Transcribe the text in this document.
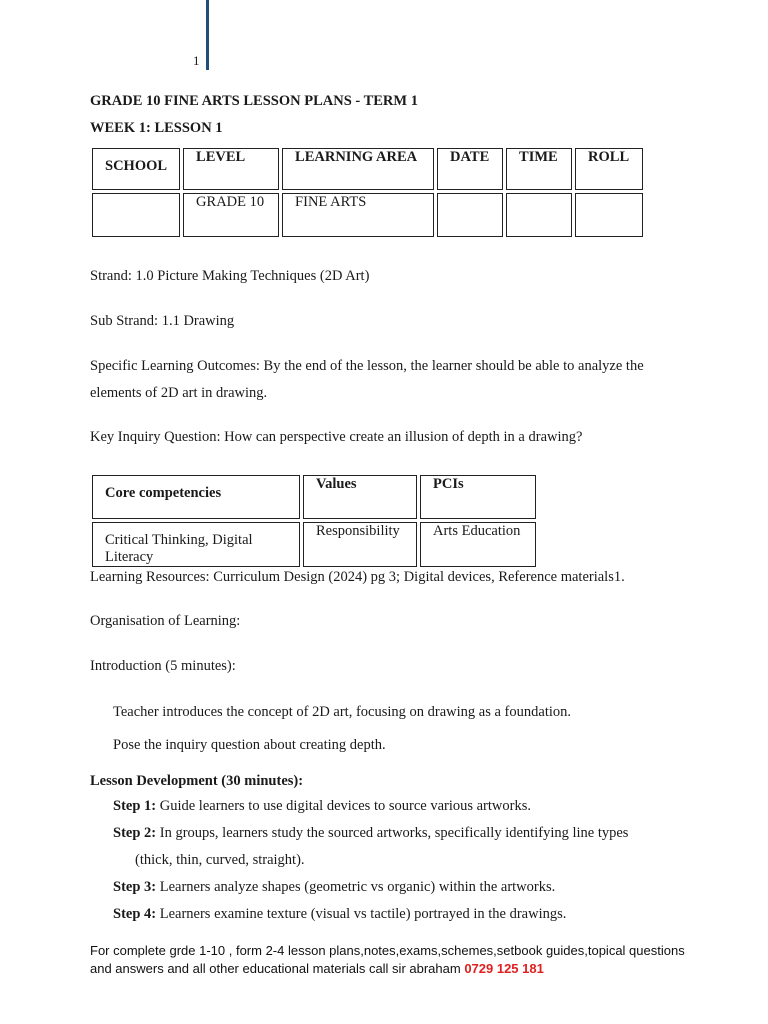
1
GRADE 10 FINE ARTS LESSON PLANS - TERM 1
WEEK 1: LESSON 1
SCHOOL	LEVEL	LEARNING AREA	DATE	TIME	ROLL
	GRADE 10	FINE ARTS			
Strand: 1.0 Picture Making Techniques (2D Art)
Sub Strand: 1.1 Drawing
Specific Learning Outcomes: By the end of the lesson, the learner should be able to analyze the
elements of 2D art in drawing.
Key Inquiry Question: How can perspective create an illusion of depth in a drawing?
Core competencies	Values	PCIs
Critical Thinking, Digital Literacy	Responsibility	Arts Education
Learning Resources: Curriculum Design (2024) pg 3; Digital devices, Reference materials1.
Organisation of Learning:
Introduction (5 minutes):
Teacher introduces the concept of 2D art, focusing on drawing as a foundation.
Pose the inquiry question about creating depth.
Lesson Development (30 minutes):
Step 1: Guide learners to use digital devices to source various artworks.
Step 2: In groups, learners study the sourced artworks, specifically identifying line types
(thick, thin, curved, straight).
Step 3: Learners analyze shapes (geometric vs organic) within the artworks.
Step 4: Learners examine texture (visual vs tactile) portrayed in the drawings.
For complete grde 1-10 , form 2-4 lesson plans,notes,exams,schemes,setbook guides,topical questions and answers and all other educational materials call sir abraham 0729 125 181
